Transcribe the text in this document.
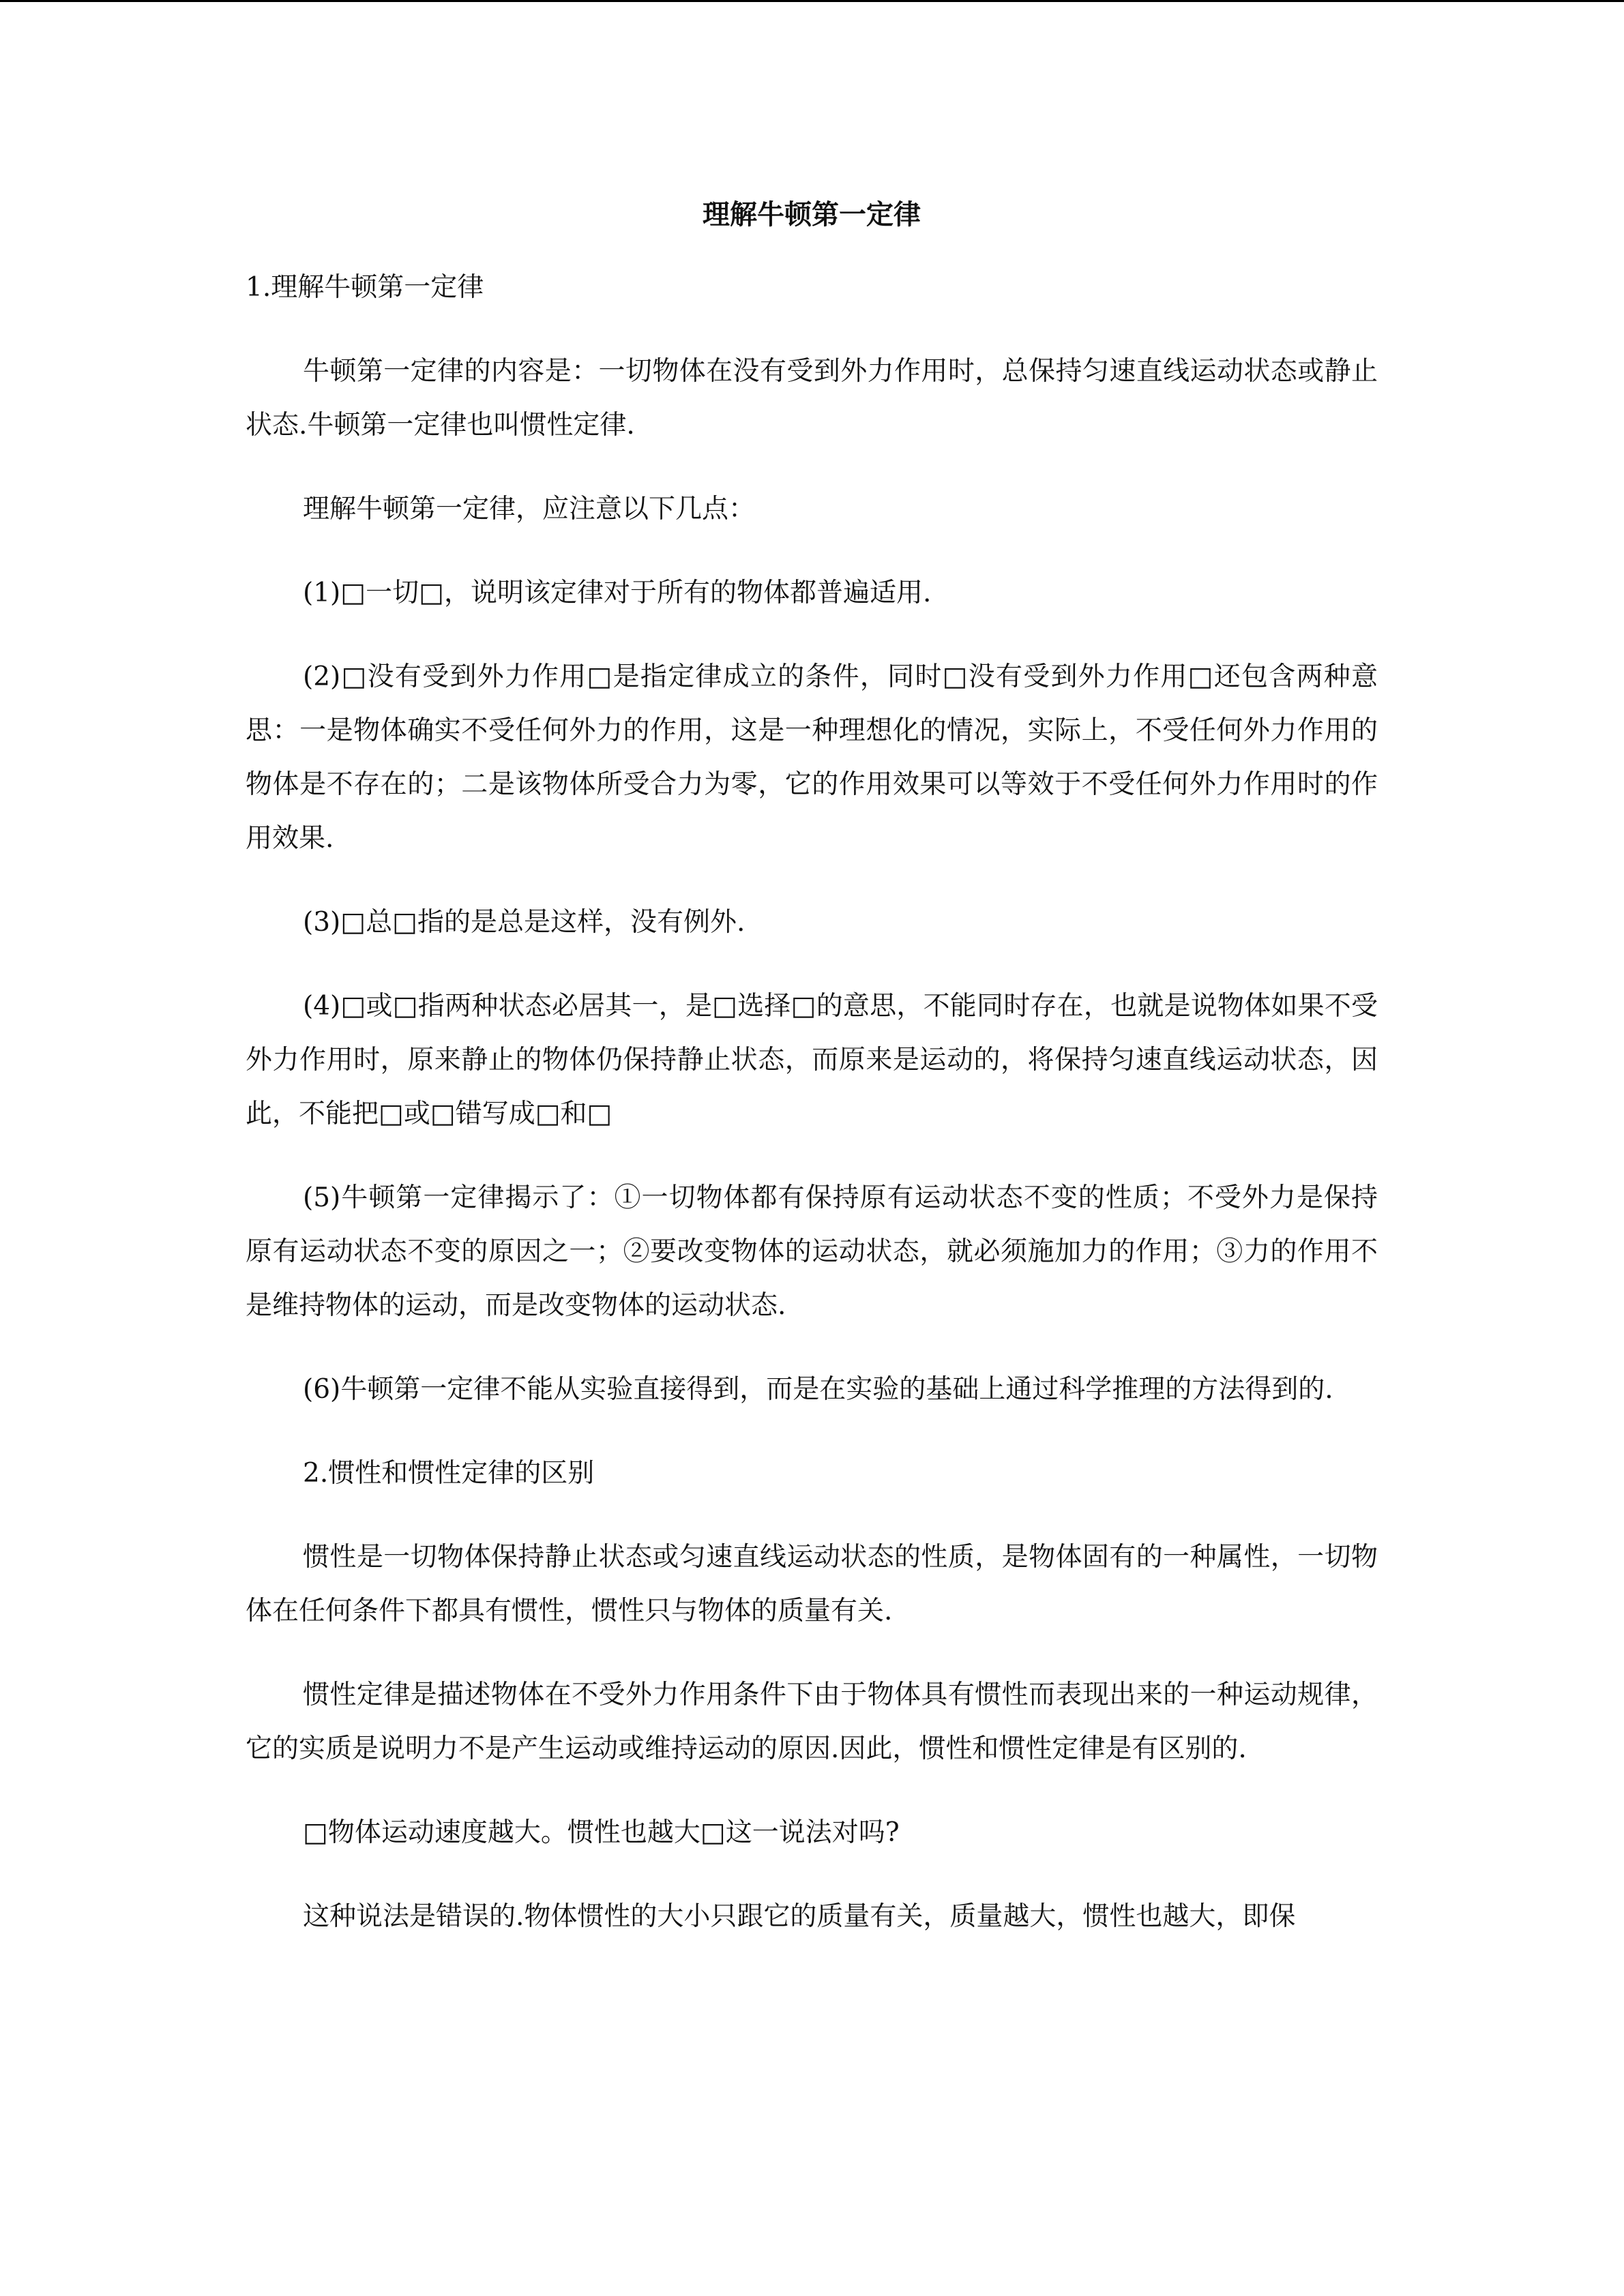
理解牛顿第一定律

1.理解牛顿第一定律

牛顿第一定律的内容是：一切物体在没有受到外力作用时，总保持匀速直线运动状态或静止状态.牛顿第一定律也叫惯性定律.

理解牛顿第一定律，应注意以下几点：

(1)□一切□，说明该定律对于所有的物体都普遍适用.

(2)□没有受到外力作用□是指定律成立的条件，同时□没有受到外力作用□还包含两种意思：一是物体确实不受任何外力的作用，这是一种理想化的情况，实际上，不受任何外力作用的物体是不存在的；二是该物体所受合力为零，它的作用效果可以等效于不受任何外力作用时的作用效果.

(3)□总□指的是总是这样，没有例外.

(4)□或□指两种状态必居其一，是□选择□的意思，不能同时存在，也就是说物体如果不受外力作用时，原来静止的物体仍保持静止状态，而原来是运动的，将保持匀速直线运动状态，因此，不能把□或□错写成□和□

(5)牛顿第一定律揭示了：①一切物体都有保持原有运动状态不变的性质；不受外力是保持原有运动状态不变的原因之一；②要改变物体的运动状态，就必须施加力的作用；③力的作用不是维持物体的运动，而是改变物体的运动状态.

(6)牛顿第一定律不能从实验直接得到，而是在实验的基础上通过科学推理的方法得到的.

2.惯性和惯性定律的区别

惯性是一切物体保持静止状态或匀速直线运动状态的性质，是物体固有的一种属性，一切物体在任何条件下都具有惯性，惯性只与物体的质量有关.

惯性定律是描述物体在不受外力作用条件下由于物体具有惯性而表现出来的一种运动规律，它的实质是说明力不是产生运动或维持运动的原因.因此，惯性和惯性定律是有区别的.

□物体运动速度越大。惯性也越大□这一说法对吗?

这种说法是错误的.物体惯性的大小只跟它的质量有关，质量越大，惯性也越大，即保
